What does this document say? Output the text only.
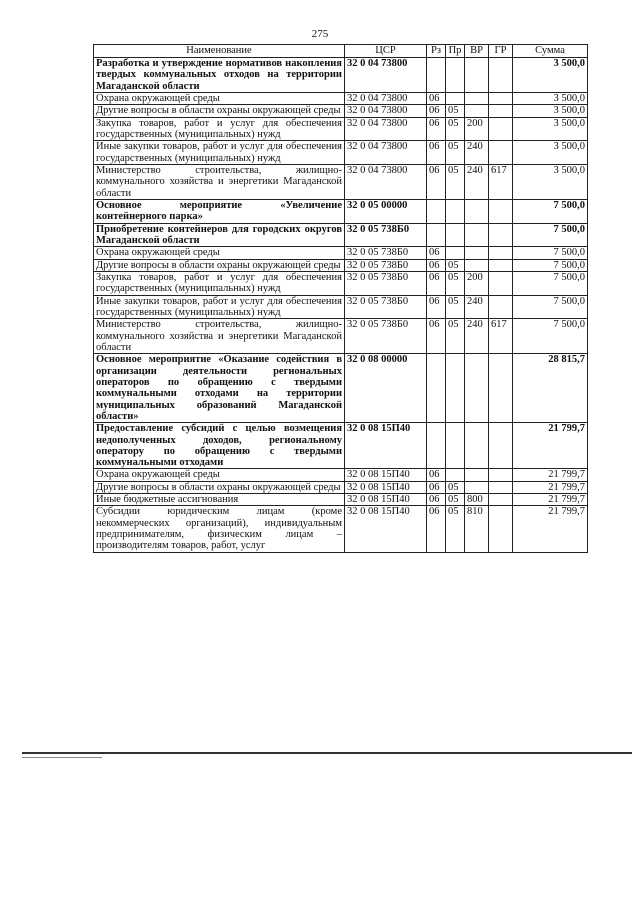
275
Наименование	ЦСР	Рз	Пр	ВР	ГР	Сумма
Разработка и утверждение нормативов накопления твердых коммунальных отходов на территории Магаданской области	32 0 04 73800					3 500,0
Охрана окружающей среды	32 0 04 73800	06				3 500,0
Другие вопросы в области охраны окружающей среды	32 0 04 73800	06	05			3 500,0
Закупка товаров, работ и услуг для обеспечения государственных (муниципальных) нужд	32 0 04 73800	06	05	200		3 500,0
Иные закупки товаров, работ и услуг для обеспечения государственных (муниципальных) нужд	32 0 04 73800	06	05	240		3 500,0
Министерство строительства, жилищно-коммунального хозяйства и энергетики Магаданской области	32 0 04 73800	06	05	240	617	3 500,0
Основное мероприятие «Увеличение контейнерного парка»	32 0 05 00000					7 500,0
Приобретение контейнеров для городских округов Магаданской области	32 0 05 738Б0					7 500,0
Охрана окружающей среды	32 0 05 738Б0	06				7 500,0
Другие вопросы в области охраны окружающей среды	32 0 05 738Б0	06	05			7 500,0
Закупка товаров, работ и услуг для обеспечения государственных (муниципальных) нужд	32 0 05 738Б0	06	05	200		7 500,0
Иные закупки товаров, работ и услуг для обеспечения государственных (муниципальных) нужд	32 0 05 738Б0	06	05	240		7 500,0
Министерство строительства, жилищно-коммунального хозяйства и энергетики Магаданской области	32 0 05 738Б0	06	05	240	617	7 500,0
Основное мероприятие «Оказание содействия в организации деятельности региональных операторов по обращению с твердыми коммунальными отходами на территории муниципальных образований Магаданской области»	32 0 08 00000					28 815,7
Предоставление субсидий с целью возмещения недополученных доходов, региональному оператору по обращению с твердыми коммунальными отходами	32 0 08 15П40					21 799,7
Охрана окружающей среды	32 0 08 15П40	06				21 799,7
Другие вопросы в области охраны окружающей среды	32 0 08 15П40	06	05			21 799,7
Иные бюджетные ассигнования	32 0 08 15П40	06	05	800		21 799,7
Субсидии юридическим лицам (кроме некоммерческих организаций), индивидуальным предпринимателям, физическим лицам – производителям товаров, работ, услуг	32 0 08 15П40	06	05	810		21 799,7
